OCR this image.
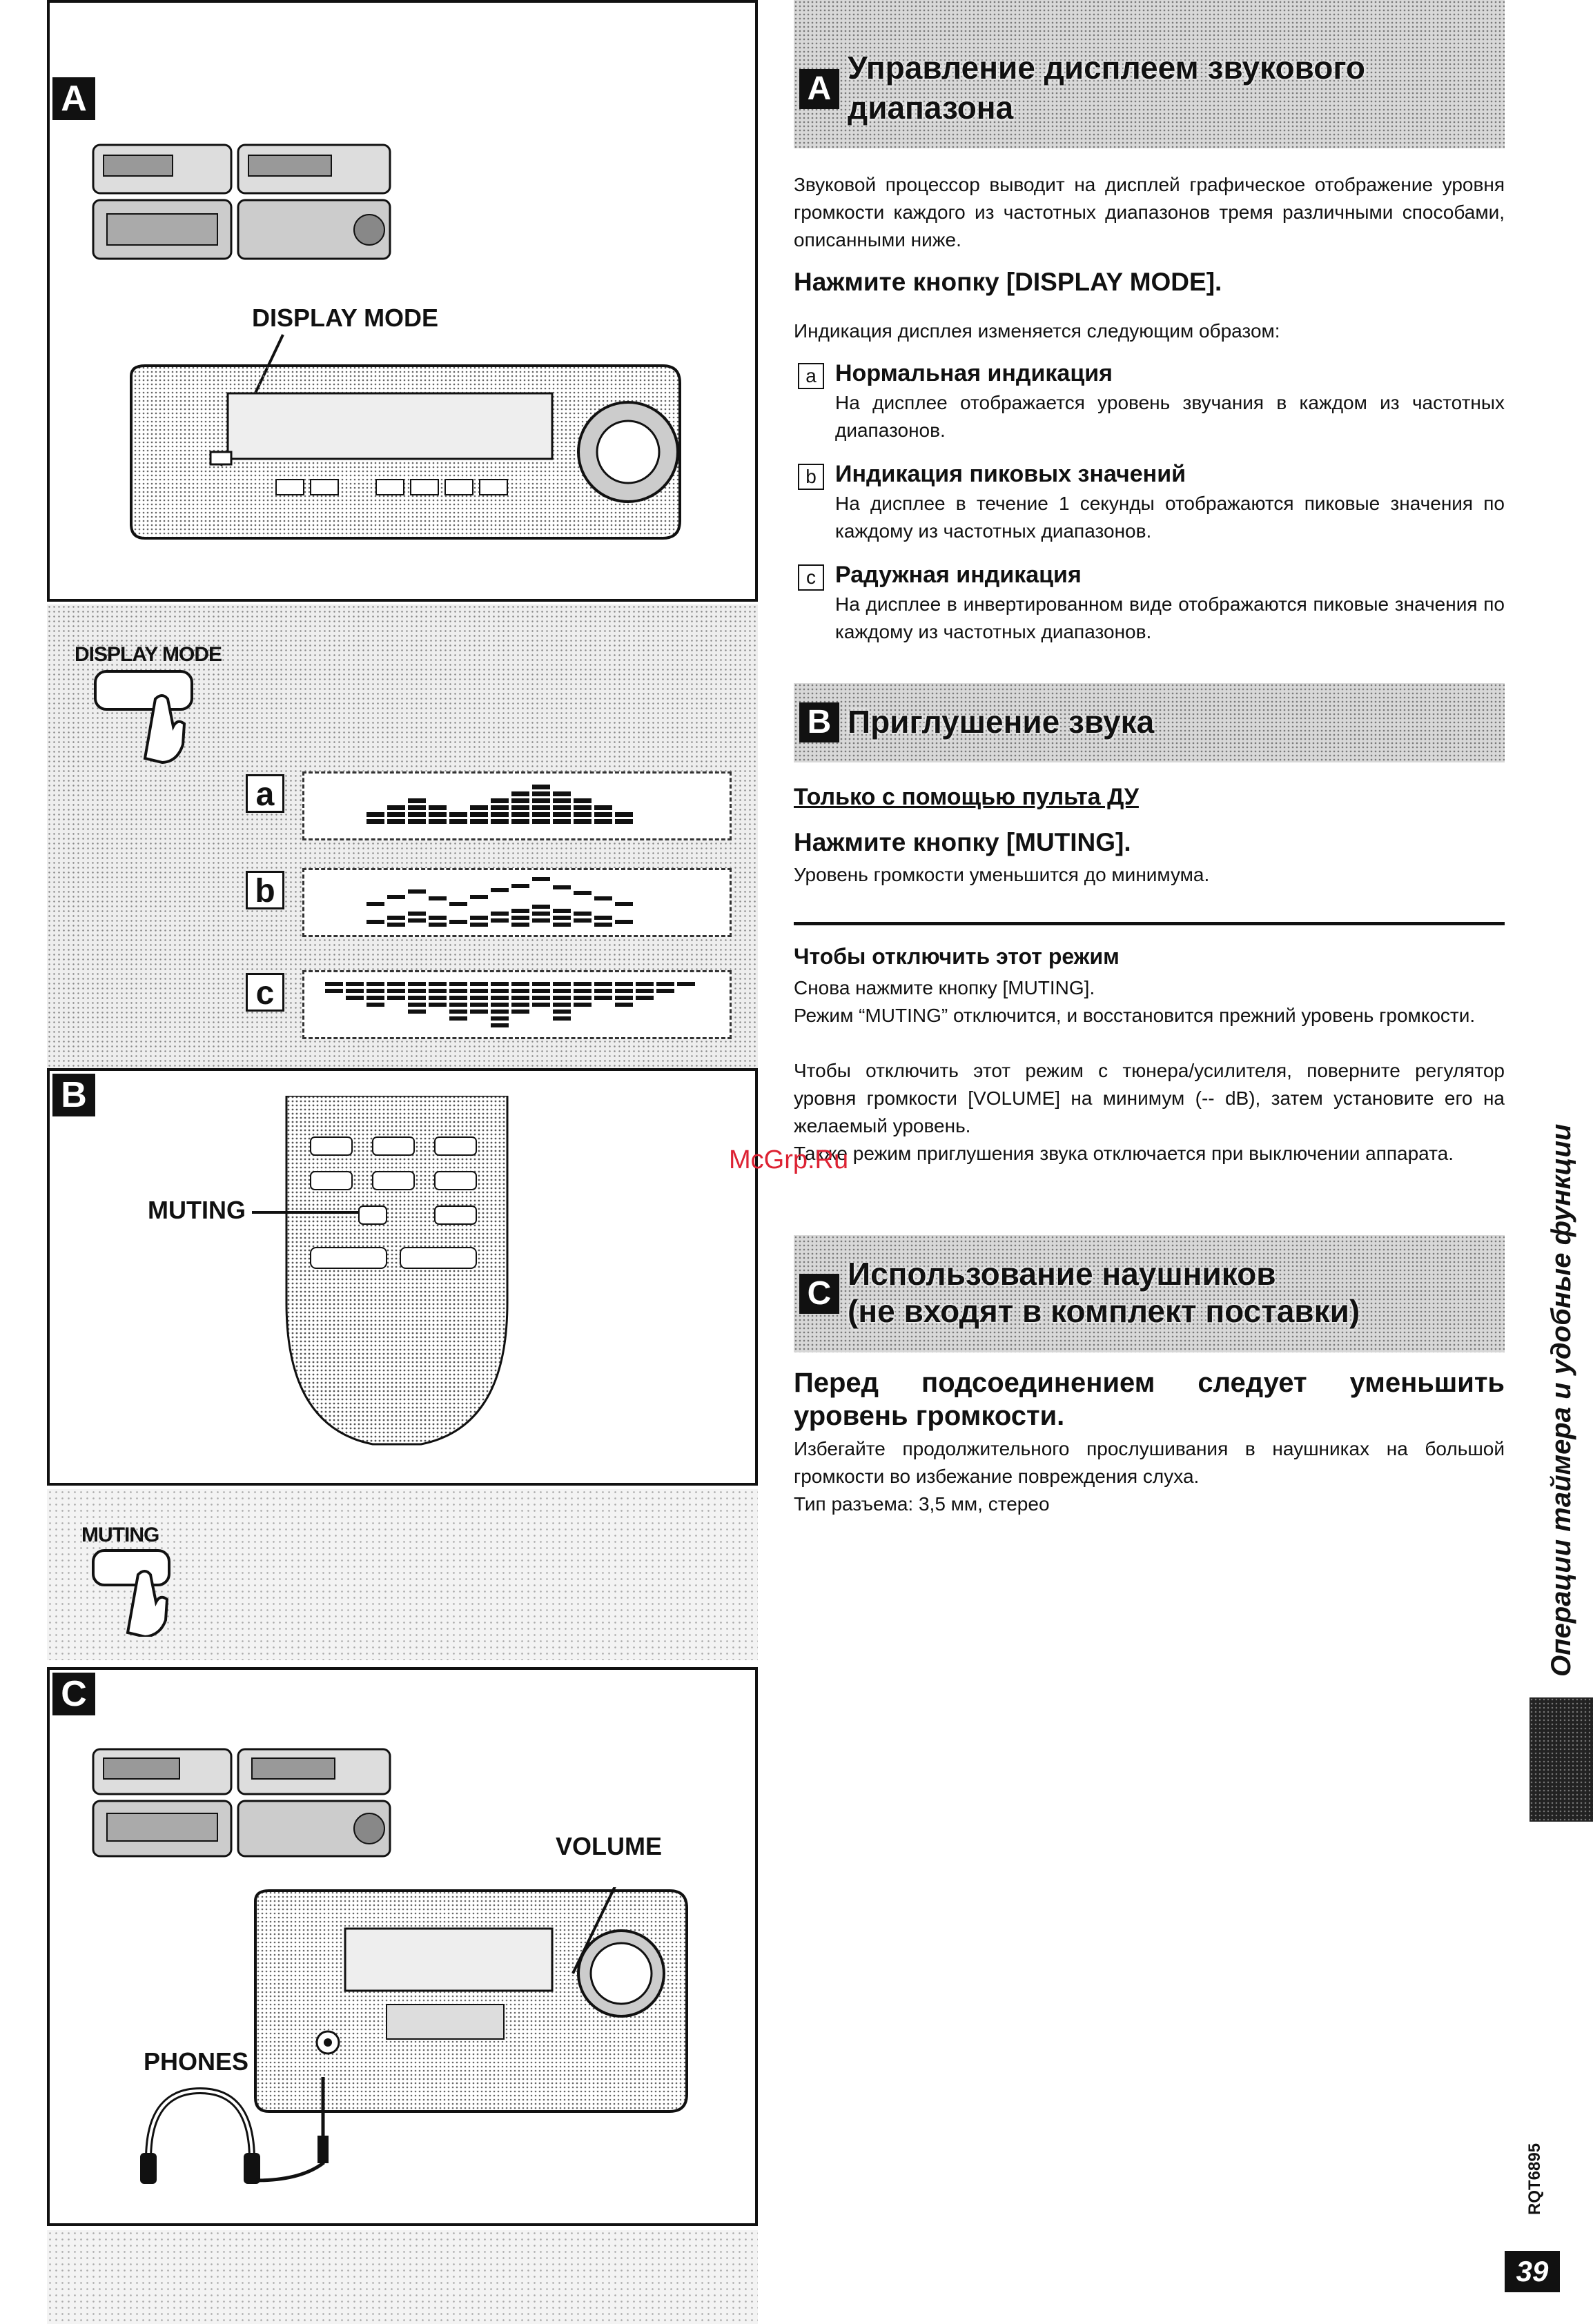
A
DISPLAY MODE
DISPLAY MODE
a
b
c
B
MUTING
MUTING
C
VOLUME
PHONES
A
Управление дисплеем звукового
диапазона
Звуковой процессор выводит на дисплей графическое отображение уровня громкости каждого из частотных диапазонов тремя различными способами, описанными ниже.
Нажмите кнопку [DISPLAY MODE].
Индикация дисплея изменяется следующим образом:
a Нормальная индикация
На дисплее отображается уровень звучания в каждом из частотных диапазонов.
b Индикация пиковых значений
На дисплее в течение 1 секунды отображаются пиковые значения по каждому из частотных диапазонов.
c Радужная индикация
На дисплее в инвертированном виде отображаются пиковые значения по каждому из частотных диапазонов.
B Приглушение звука
Только с помощью пульта ДУ
Нажмите кнопку [MUTING].
Уровень громкости уменьшится до минимума.
Чтобы отключить этот режим
Снова нажмите кнопку [MUTING].
Режим “MUTING” отключится, и восстановится прежний уровень громкости.
Чтобы отключить этот режим с тюнера/усилителя, поверните регулятор уровня громкости [VOLUME] на минимум (-- dB), затем установите его на желаемый уровень.
Также режим приглушения звука отключается при выключении аппарата.
McGrp.Ru
C
Использование наушников
(не входят в комплект поставки)
Перед подсоединением следует уменьшить уровень громкости.
Избегайте продолжительного прослушивания в наушниках на большой громкости во избежание повреждения слуха.
Тип разъема: 3,5 мм, стерео	Операции таймера и удобные функции
RQT6895
39
